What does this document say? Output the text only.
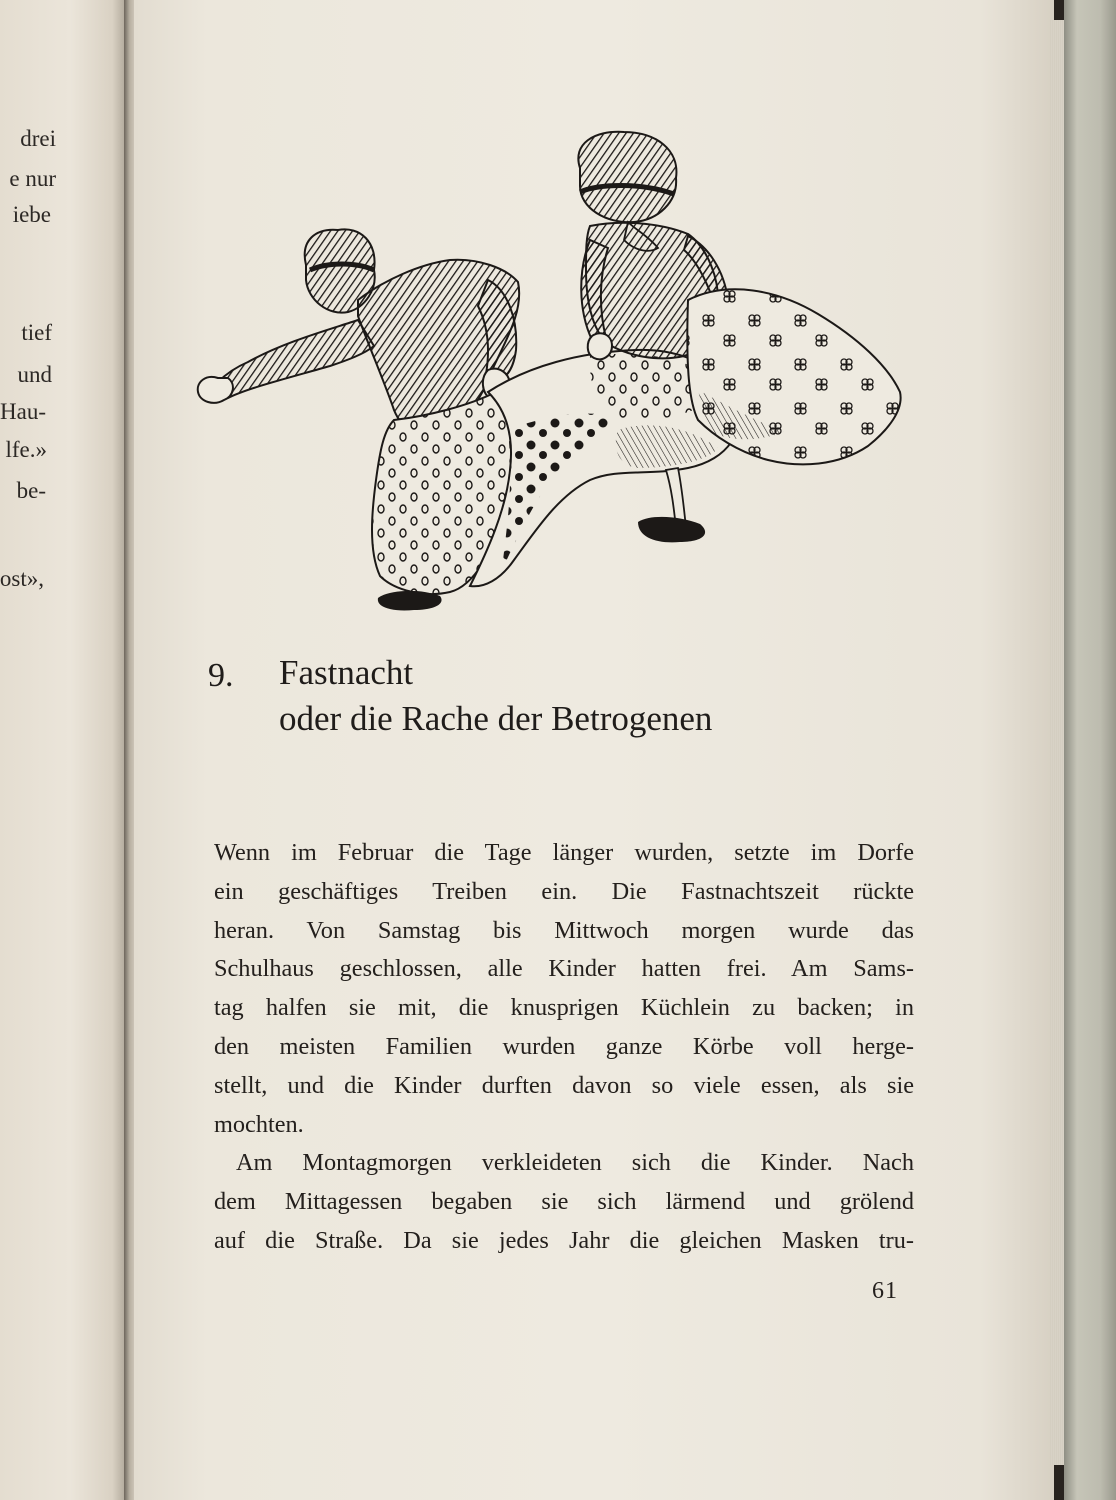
drei
e nur
iebe
tief
und
Hau-
lfe.»
be-
ost»,
9. Fastnacht
oder die Rache der Betrogenen
Wenn im Februar die Tage länger wurden, setzte im Dorfe
ein geschäftiges Treiben ein. Die Fastnachtszeit rückte
heran. Von Samstag bis Mittwoch morgen wurde das
Schulhaus geschlossen, alle Kinder hatten frei. Am Sams-
tag halfen sie mit, die knusprigen Küchlein zu backen; in
den meisten Familien wurden ganze Körbe voll herge-
stellt, und die Kinder durften davon so viele essen, als sie
mochten.
Am Montagmorgen verkleideten sich die Kinder. Nach
dem Mittagessen begaben sie sich lärmend und grölend
auf die Straße. Da sie jedes Jahr die gleichen Masken tru-
61
